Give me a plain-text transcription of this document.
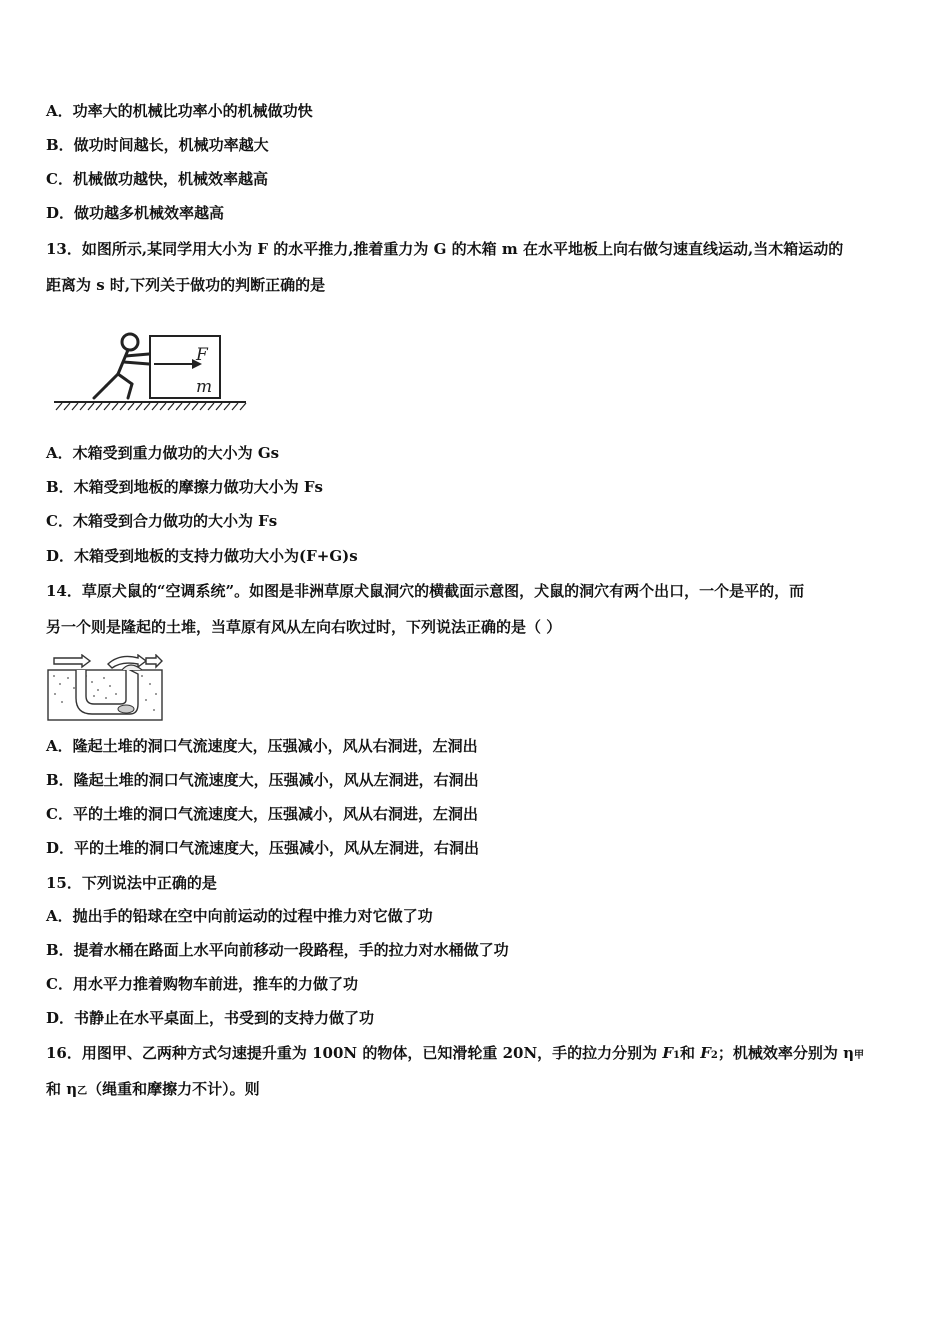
A．功率大的机械比功率小的机械做功快
B．做功时间越长，机械功率越大
C．机械做功越快，机械效率越高
D．做功越多机械效率越高
13．如图所示,某同学用大小为 F 的水平推力,推着重力为 G 的木箱 m 在水平地板上向右做匀速直线运动,当木箱运动的
距离为 s 时,下列关于做功的判断正确的是
F
m
A．木箱受到重力做功的大小为 Gs
B．木箱受到地板的摩擦力做功大小为 Fs
C．木箱受到合力做功的大小为 Fs
D．木箱受到地板的支持力做功大小为(F+G)s
14．草原犬鼠的“空调系统”。如图是非洲草原犬鼠洞穴的横截面示意图，犬鼠的洞穴有两个出口，一个是平的，而
另一个则是隆起的土堆，当草原有风从左向右吹过时，下列说法正确的是（ ）
A．隆起土堆的洞口气流速度大，压强减小，风从右洞进，左洞出
B．隆起土堆的洞口气流速度大，压强减小，风从左洞进，右洞出
C．平的土堆的洞口气流速度大，压强减小，风从右洞进，左洞出
D．平的土堆的洞口气流速度大，压强减小，风从左洞进，右洞出
15．下列说法中正确的是
A．抛出手的铅球在空中向前运动的过程中推力对它做了功
B．提着水桶在路面上水平向前移动一段路程，手的拉力对水桶做了功
C．用水平力推着购物车前进，推车的力做了功
D．书静止在水平桌面上，书受到的支持力做了功
16．用图甲、乙两种方式匀速提升重为 100N 的物体，已知滑轮重 20N，手的拉力分别为 F1和 F2；机械效率分别为 η甲
和 η乙（绳重和摩擦力不计）。则
